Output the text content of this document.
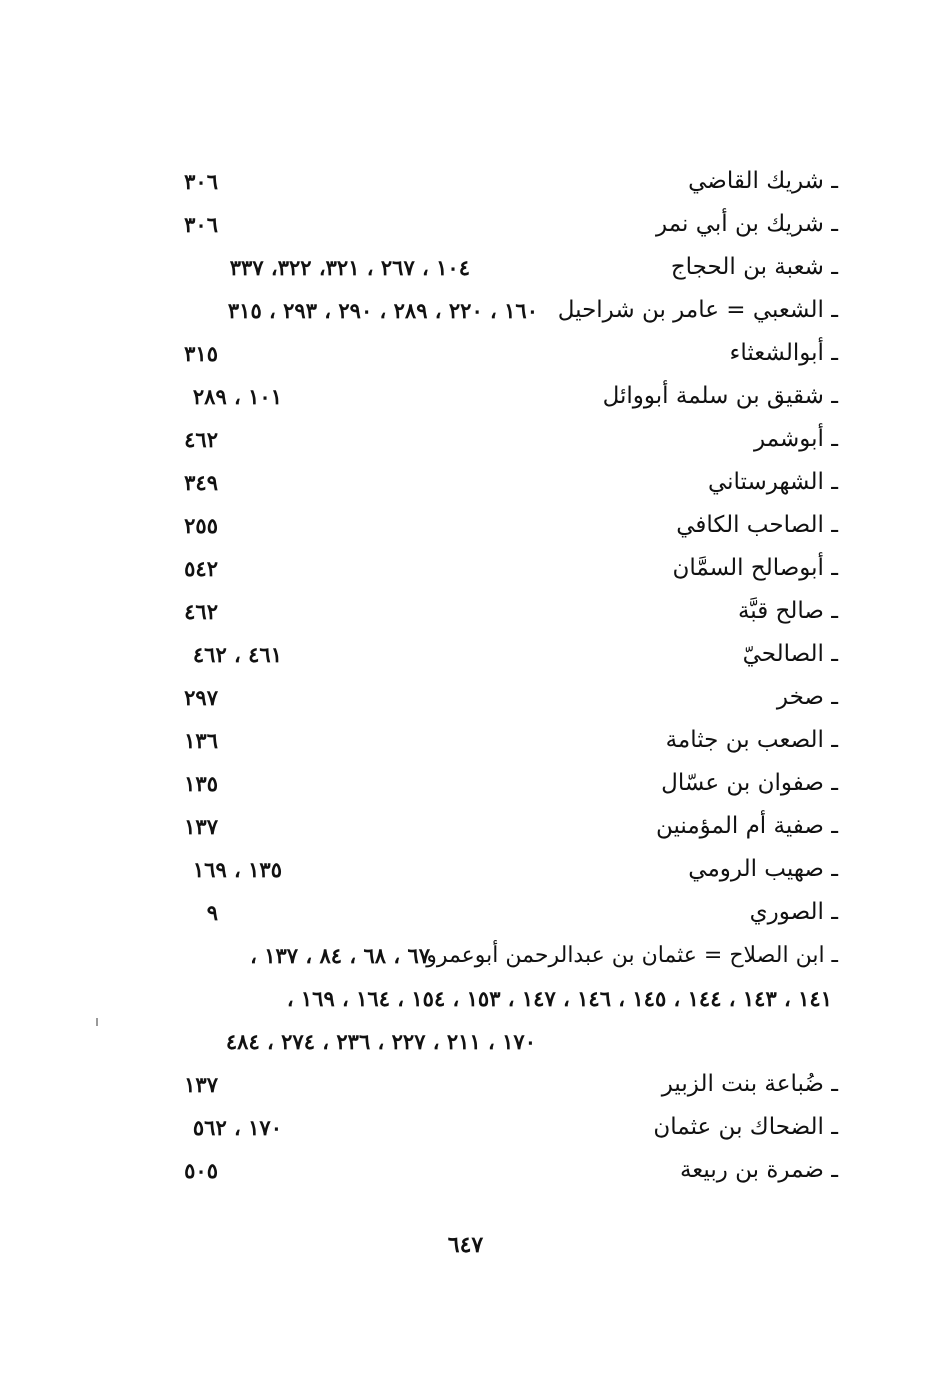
ـ شريك القاضي
٣٠٦
ـ شريك بن أبي نمر
٣٠٦
ـ شعبة بن الحجاج
١٠٤ ، ٢٦٧ ، ٣٢١، ٣٢٢، ٣٣٧
ـ الشعبي = عامر بن شراحيل
١٦٠ ، ٢٢٠ ، ٢٨٩ ، ٢٩٠ ، ٢٩٣ ، ٣١٥
ـ أبوالشعثاء
٣١٥
ـ شقيق بن سلمة أبووائل
١٠١ ، ٢٨٩
ـ أبوشمر
٤٦٢
ـ الشهرستاني
٣٤٩
ـ الصاحب الكافي
٢٥٥
ـ أبوصالح السمَّان
٥٤٢
ـ صالح قبَّة
٤٦٢
ـ الصالحيّ
٤٦١ ، ٤٦٢
ـ صخر
٢٩٧
ـ الصعب بن جثامة
١٣٦
ـ صفوان بن عسّال
١٣٥
ـ صفية أم المؤمنين
١٣٧
ـ صهيب الرومي
١٣٥ ، ١٦٩
ـ الصوري
٩
ـ ابن الصلاح = عثمان بن عبدالرحمن أبوعمرو
٦٧ ، ٦٨ ، ٨٤ ، ١٣٧ ،
١٤١ ، ١٤٣ ، ١٤٤ ، ١٤٥ ، ١٤٦ ، ١٤٧ ، ١٥٣ ، ١٥٤ ، ١٦٤ ، ١٦٩ ،
١٧٠ ، ٢١١ ، ٢٢٧ ، ٢٣٦ ، ٢٧٤ ، ٤٨٤
ـ ضُباعة بنت الزبير
١٣٧
ـ الضحاك بن عثمان
١٧٠ ، ٥٦٢
ـ ضمرة بن ربيعة
٥٠٥
٦٤٧
